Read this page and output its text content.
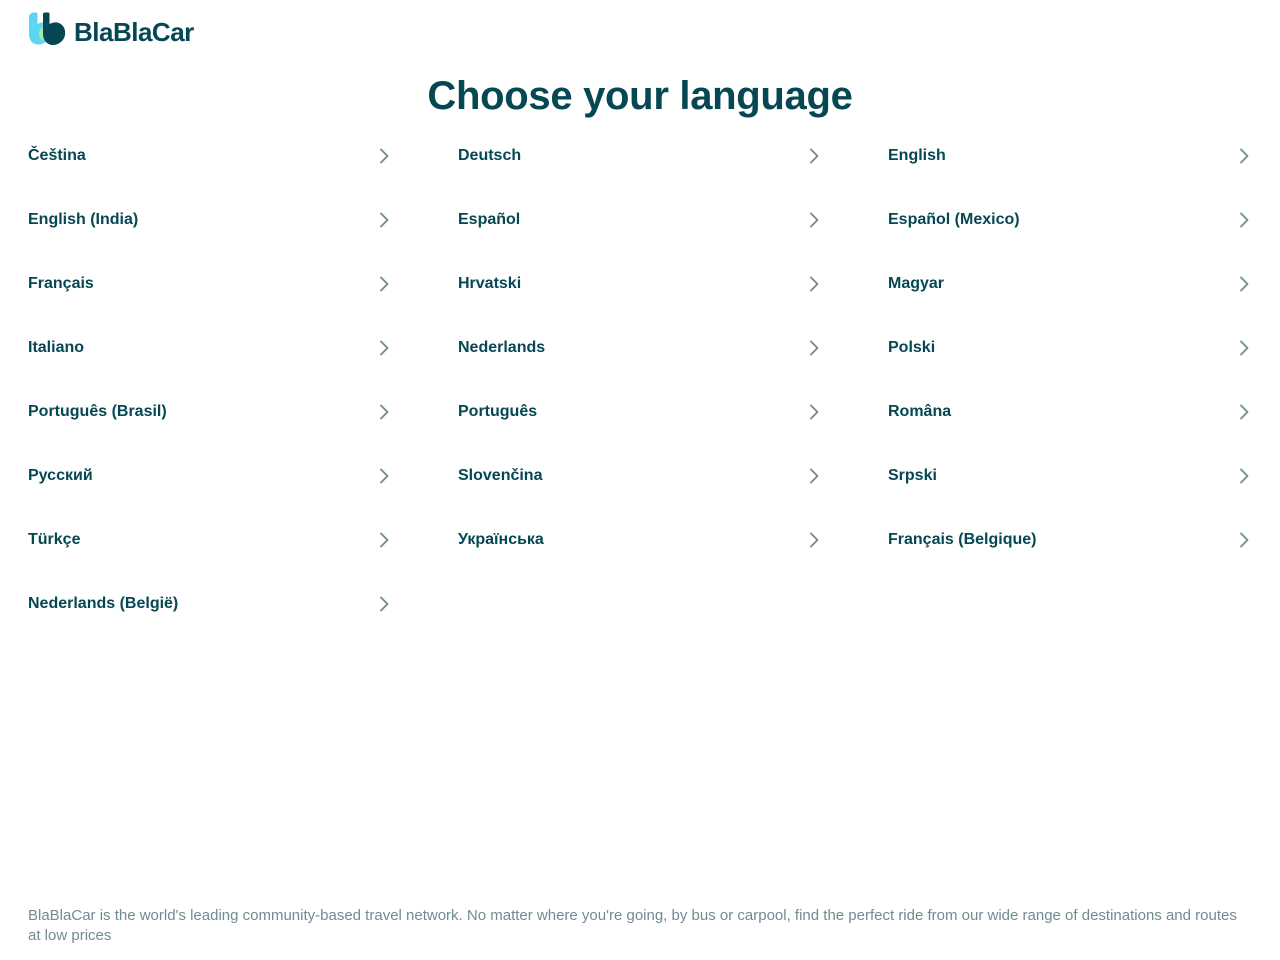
BlaBlaCar
Choose your language
Čeština	Deutsch	English
English (India)	Español	Español (Mexico)
Français	Hrvatski	Magyar
Italiano	Nederlands	Polski
Português (Brasil)	Português	Româna
Русский	Slovenčina	Srpski
Türkçe	Українська	Français (Belgique)
Nederlands (België)

BlaBlaCar is the world's leading community-based travel network. No matter where you're going, by bus or carpool, find the perfect ride from our wide range of destinations and routes at low prices
